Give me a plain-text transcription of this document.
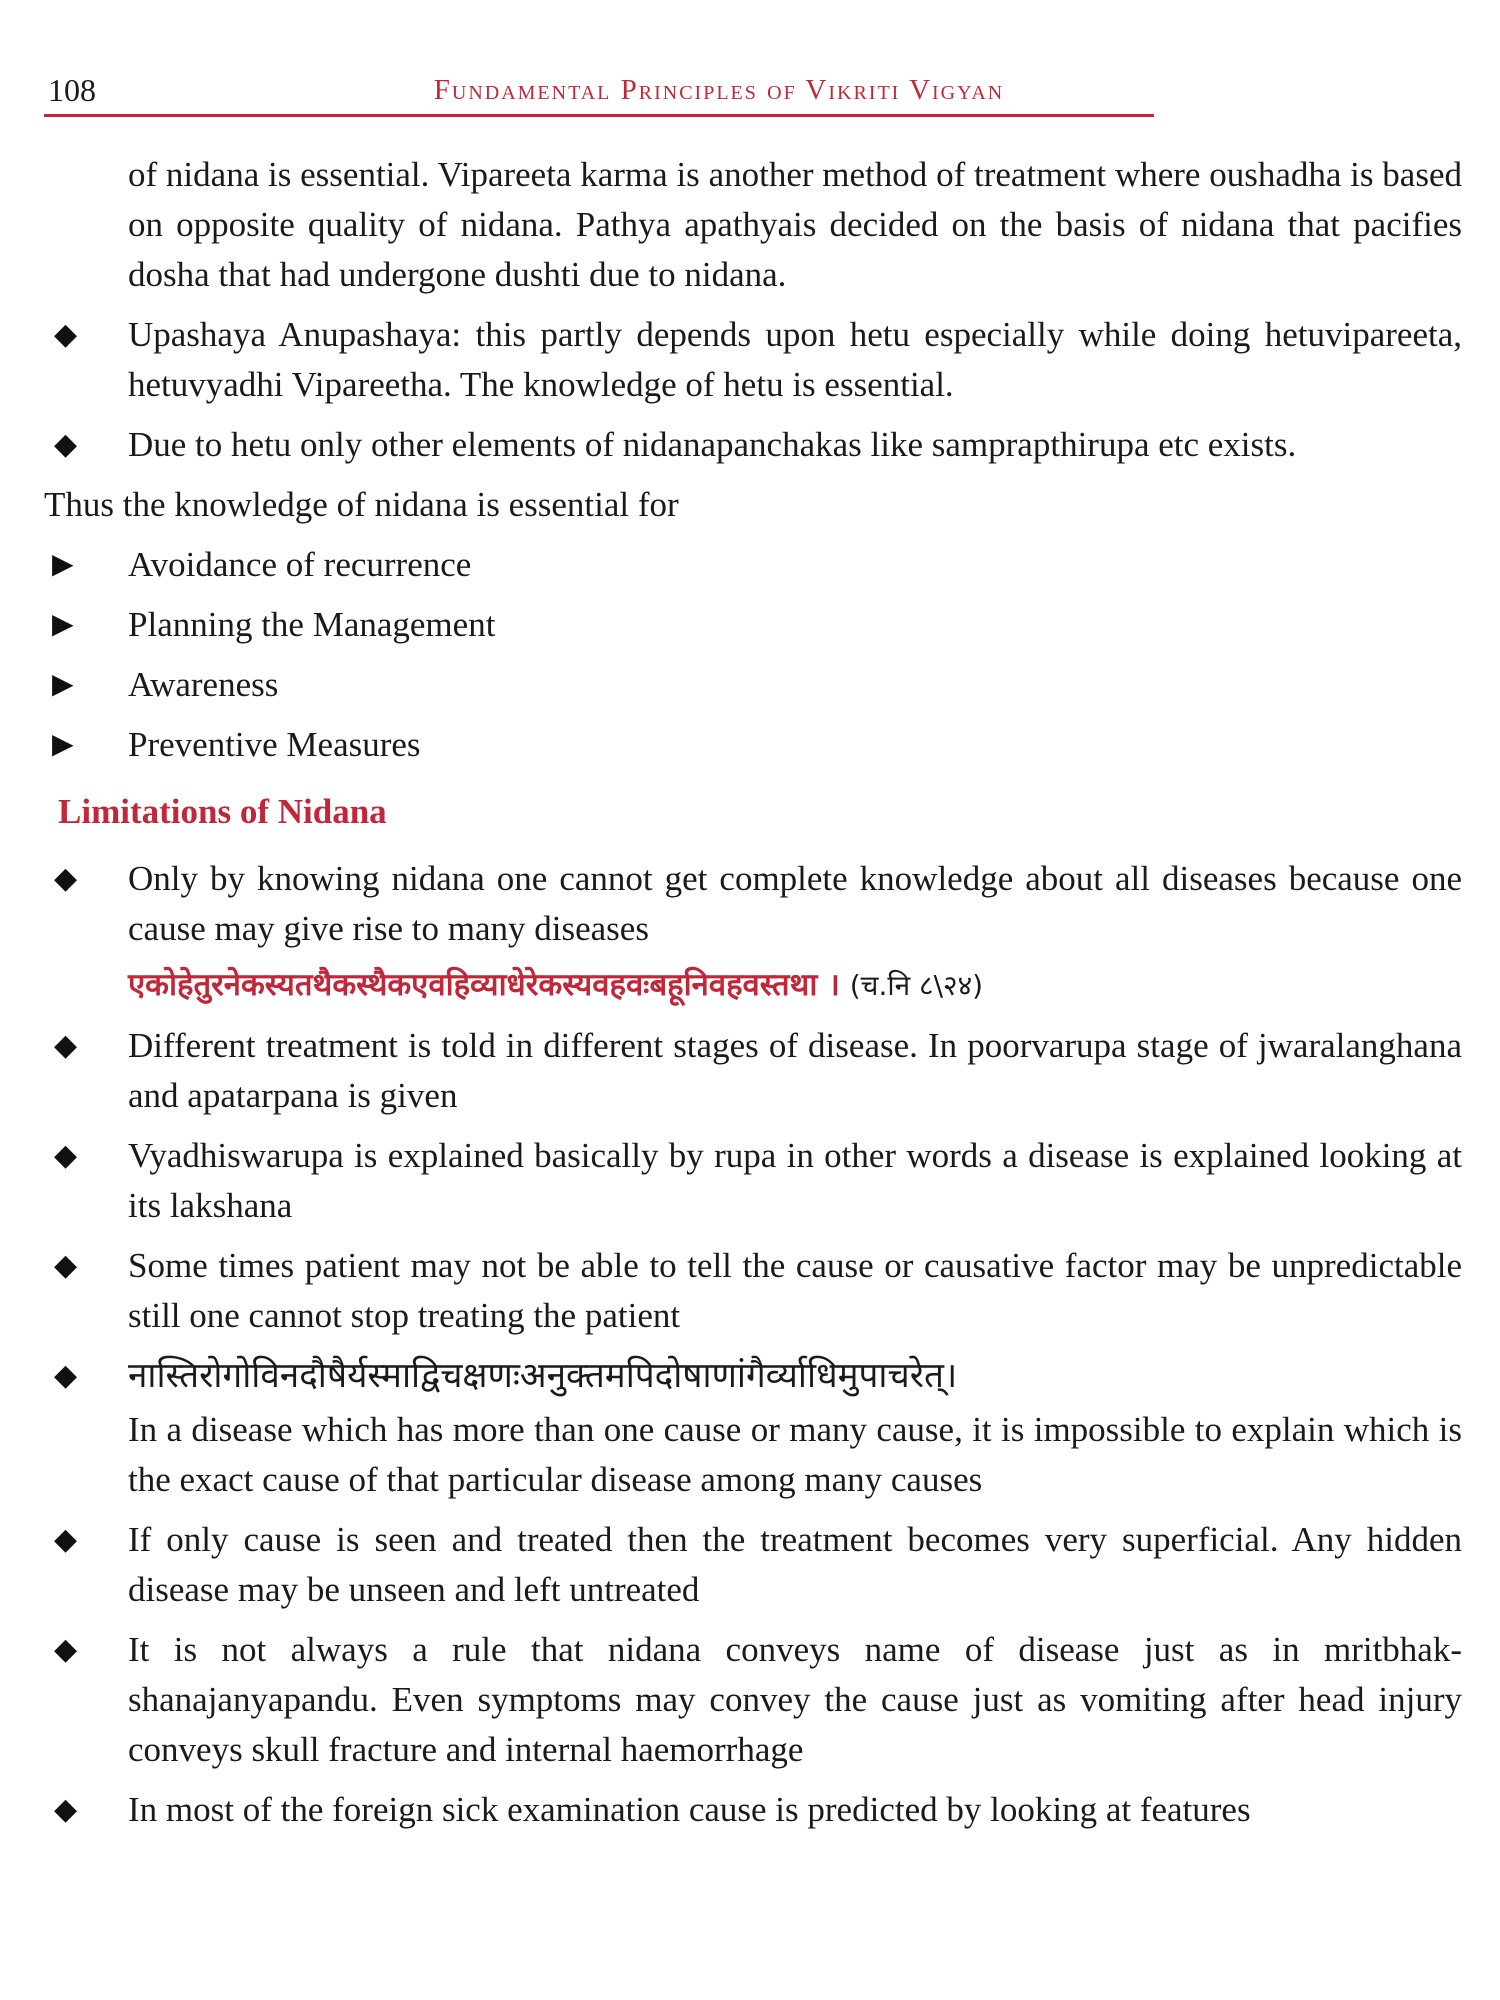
108	Fundamental Principles of Vikriti Vigyan

of nidana is essential. Vipareeta karma is another method of treatment where oushadha is based on opposite quality of nidana. Pathya apathyais decided on the basis of nidana that pacifies dosha that had undergone dushti due to nidana.

◆	Upashaya Anupashaya: this partly depends upon hetu especially while doing hetuvipareeta, hetuvyadhi Vipareetha. The knowledge of hetu is essential.
◆	Due to hetu only other elements of nidanapanchakas like samprapthirupa etc exists.

Thus the knowledge of nidana is essential for

▶	Avoidance of recurrence
▶	Planning the Management
▶	Awareness
▶	Preventive Measures
Limitations of Nidana
◆	Only by knowing nidana one cannot get complete knowledge about all diseases because one cause may give rise to many diseases
एकोहेतुरनेकस्यतथैकस्थैकएवहिव्याधेरेकस्यवहवःबहूनिवहवस्तथा । (च.नि ८\२४)
◆	Different treatment is told in different stages of disease. In poorvarupa stage of jwaralanghana and apatarpana is given
◆	Vyadhiswarupa is explained basically by rupa in other words a disease is explained looking at its lakshana
◆	Some times patient may not be able to tell the cause or causative factor may be unpredictable still one cannot stop treating the patient
◆	नास्तिरोगोविनदौषैर्यस्माद्विचक्षणःअनुक्तमपिदोषाणांगैर्व्याधिमुपाचरेत्।
In a disease which has more than one cause or many cause, it is impossible to explain which is the exact cause of that particular disease among many causes
◆	If only cause is seen and treated then the treatment becomes very superficial. Any hidden disease may be unseen and left untreated
◆	It is not always a rule that nidana conveys name of disease just as in mritbhak-shanajanyapandu. Even symptoms may convey the cause just as vomiting after head injury conveys skull fracture and internal haemorrhage
◆	In most of the foreign sick examination cause is predicted by looking at features
